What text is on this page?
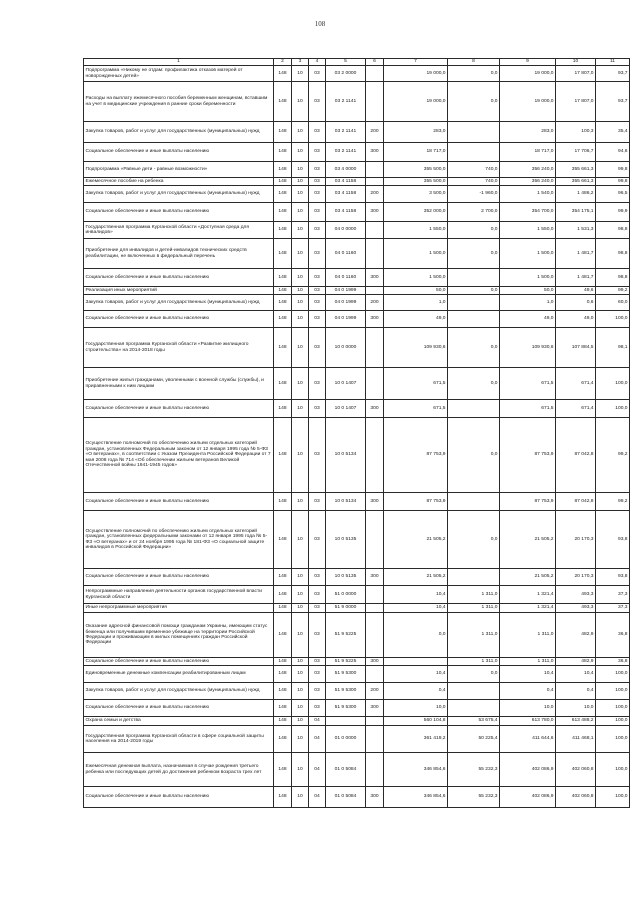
108
1	2	3	4	5	6	7	8	9	10	11
Подпрограмма «Никому не отдам: профилактика отказов матерей от новорожденных детей»	148	10	03	03 2 0000		19 000,0	0,0	19 000,0	17 807,0	93,7
Расходы на выплату ежемесячного пособия беременным женщинам, вставшим на учет в медицинские учреждения в ранние сроки беременности	148	10	03	03 2 1141		19 000,0	0,0	19 000,0	17 807,0	93,7
Закупка товаров, работ и услуг для государственных (муниципальных) нужд	148	10	03	03 2 1141	200	283,0		283,0	100,3	35,4
Социальное обеспечение и иные выплаты населению	148	10	03	03 2 1141	300	18 717,0		18 717,0	17 706,7	94,6
Подпрограмма «Равные дети - равные возможности»	148	10	03	03 4 0000		355 500,0	740,0	356 240,0	355 661,3	99,8
Ежемесячное пособие на ребенка	148	10	03	03 4 1158		355 500,0	740,0	356 240,0	355 661,3	99,8
Закупка товаров, работ и услуг для государственных (муниципальных) нужд	148	10	03	03 4 1158	200	3 500,0	-1 960,0	1 540,0	1 486,2	96,5
Социальное обеспечение и иные выплаты населению	148	10	03	03 4 1158	300	352 000,0	2 700,0	354 700,0	354 175,1	99,9
Государственная программа Курганской области «Доступная среда для инвалидов»	148	10	03	04 0 0000		1 550,0	0,0	1 550,0	1 531,3	98,8
Приобретение для инвалидов и детей-инвалидов технических средств реабилитации, не включенных в федеральный перечень	148	10	03	04 0 1160		1 500,0	0,0	1 500,0	1 481,7	98,8
Социальное обеспечение и иные выплаты населению	148	10	03	04 0 1160	300	1 500,0		1 500,0	1 481,7	98,8
Реализация иных мероприятий	148	10	03	04 0 1999		50,0	0,0	50,0	49,6	99,2
Закупка товаров, работ и услуг для государственных (муниципальных) нужд	148	10	03	04 0 1999	200	1,0		1,0	0,6	60,0
Социальное обеспечение и иные выплаты населению	148	10	03	04 0 1999	300	49,0		49,0	49,0	100,0
Государственная программа Курганской области «Развитие жилищного строительства» на 2014-2018 годы	148	10	03	10 0 0000		109 930,6	0,0	109 930,6	107 884,5	98,1
Приобретение жилья гражданами, уволенными с военной службы (службы), и приравненными к ним лицами	148	10	03	10 0 1407		671,5	0,0	671,5	671,4	100,0
Социальное обеспечение и иные выплаты населению	148	10	03	10 0 1407	300	671,5		671,5	671,4	100,0
Осуществление полномочий по обеспечению жильем отдельных категорий граждан, установленных Федеральным законом от 12 января 1995 года № 5-ФЗ «О ветеранах», в соответствии с Указом Президента Российской Федерации от 7 мая 2008 года № 714 «Об обеспечении жильем ветеранов Великой Отечественной войны 1941-1945 годов»	148	10	03	10 0 5134		87 753,9	0,0	87 753,9	87 042,8	99,2
Социальное обеспечение и иные выплаты населению	148	10	03	10 0 5134	300	87 753,9		87 753,9	87 042,8	99,2
Осуществление полномочий по обеспечению жильем отдельных категорий граждан, установленных федеральными законами от 12 января 1995 года № 5-ФЗ «О ветеранах» и от 24 ноября 1995 года № 181-ФЗ «О социальной защите инвалидов в Российской Федерации»	148	10	03	10 0 5135		21 505,2	0,0	21 505,2	20 170,3	93,8
Социальное обеспечение и иные выплаты населению	148	10	03	10 0 5135	300	21 505,2		21 505,2	20 170,3	93,8
Непрограммные направления деятельности органов государственной власти Курганской области	148	10	03	51 0 0000		10,4	1 311,0	1 321,4	493,3	37,3
Иные непрограммные мероприятия	148	10	03	51 9 0000		10,4	1 311,0	1 321,4	493,3	37,3
Оказание адресной финансовой помощи гражданам Украины, имеющим статус беженца или получившим временное убежище на территории Российской Федерации и проживающим в жилых помещениях граждан Российской Федерации	148	10	03	51 9 5225		0,0	1 311,0	1 311,0	482,9	36,8
Социальное обеспечение и иные выплаты населению	148	10	03	51 9 5225	300		1 311,0	1 311,0	482,9	36,8
Единовременные денежные компенсации реабилитированным лицам	148	10	03	51 9 5300		10,4	0,0	10,4	10,4	100,0
Закупка товаров, работ и услуг для государственных (муниципальных) нужд	148	10	03	51 9 5300	200	0,4		0,4	0,4	100,0
Социальное обеспечение и иные выплаты населению	148	10	03	51 9 5300	300	10,0		10,0	10,0	100,0
Охрана семьи и детства	148	10	04			560 104,8	53 675,4	613 780,0	613 488,2	100,0
Государственная программа Курганской области в сфере социальной защиты населения на 2014-2019 годы	148	10	04	01 0 0000		361 419,2	50 225,4	411 644,6	411 468,1	100,0
Ежемесячная денежная выплата, назначаемая в случае рождения третьего ребенка или последующих детей до достижения ребенком возраста трех лет	148	10	04	01 0 5084		346 854,6	55 232,3	402 086,9	402 060,8	100,0
Социальное обеспечение и иные выплаты населению	148	10	04	01 0 5084	300	346 854,6	55 232,3	402 086,9	402 060,8	100,0
